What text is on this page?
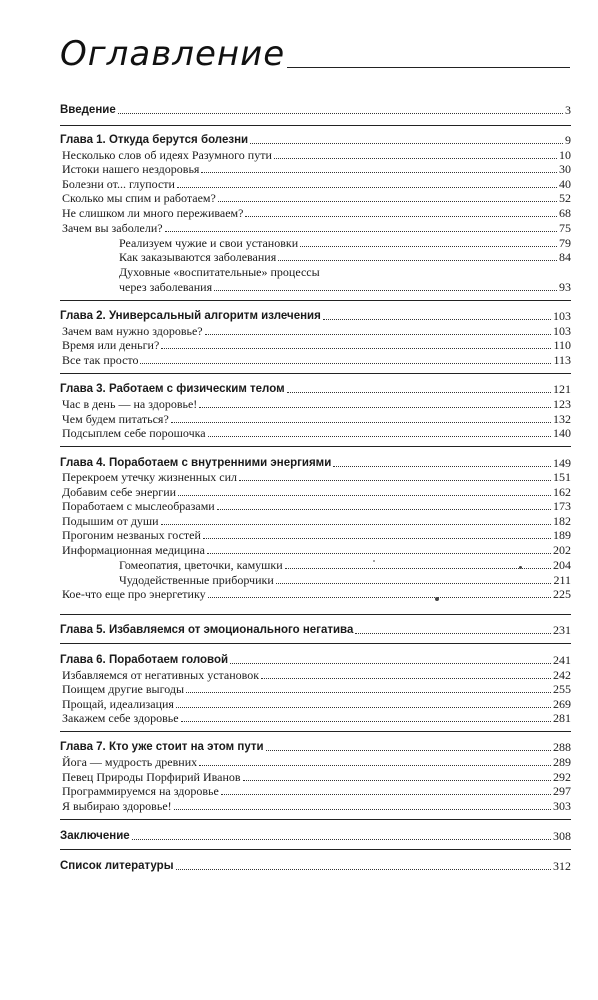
Оглавление
Введение	3
Глава 1. Откуда берутся болезни	9
Несколько слов об идеях Разумного пути	10
Истоки нашего нездоровья	30
Болезни от... глупости	40
Сколько мы спим и работаем?	52
Не слишком ли много переживаем?	68
Зачем вы заболели?	75
Реализуем чужие и свои установки	79
Как заказываются заболевания	84
Духовные «воспитательные» процессы
через заболевания	93
Глава 2. Универсальный алгоритм излечения	103
Зачем вам нужно здоровье?	103
Время или деньги?	110
Все так просто	113
Глава 3. Работаем с физическим телом	121
Час в день — на здоровье!	123
Чем будем питаться?	132
Подсыплем себе порошочка	140
Глава 4. Поработаем с внутренними энергиями	149
Перекроем утечку жизненных сил	151
Добавим себе энергии	162
Поработаем с мыслеобразами	173
Подышим от души	182
Прогоним незваных гостей	189
Информационная медицина	202
Гомеопатия, цветочки, камушки	204
Чудодейственные приборчики	211
Кое-что еще про энергетику	225
Глава 5. Избавляемся от эмоционального негатива	231
Глава 6. Поработаем головой	241
Избавляемся от негативных установок	242
Поищем другие выгоды	255
Прощай, идеализация	269
Закажем себе здоровье	281
Глава 7. Кто уже стоит на этом пути	288
Йога — мудрость древних	289
Певец Природы Порфирий Иванов	292
Программируемся на здоровье	297
Я выбираю здоровье!	303
Заключение	308
Список литературы	312
